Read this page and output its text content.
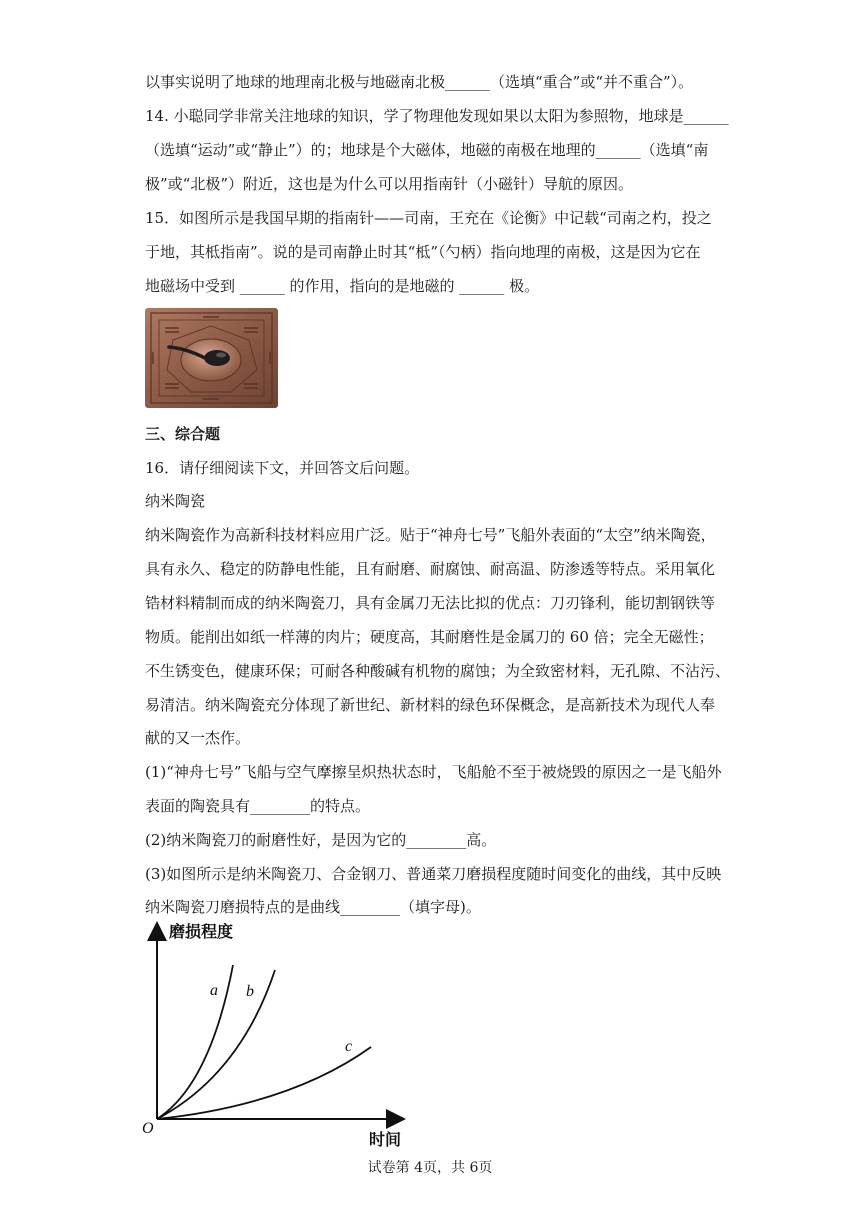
以事实说明了地球的地理南北极与地磁南北极______（选填“重合”或“并不重合”）。
14. 小聪同学非常关注地球的知识，学了物理他发现如果以太阳为参照物，地球是______
（选填“运动”或“静止”）的；地球是个大磁体，地磁的南极在地理的______（选填“南
极”或“北极”）附近，这也是为什么可以用指南针（小磁针）导航的原因。
15．如图所示是我国早期的指南针——司南，王充在《论衡》中记载“司南之杓，投之
于地，其柢指南”。说的是司南静止时其“柢”（勺柄）指向地理的南极，这是因为它在
地磁场中受到 ______ 的作用，指向的是地磁的 ______ 极。
三、综合题
16．请仔细阅读下文，并回答文后问题。
纳米陶瓷
纳米陶瓷作为高新科技材料应用广泛。贴于“神舟七号”飞船外表面的“太空”纳米陶瓷，
具有永久、稳定的防静电性能，且有耐磨、耐腐蚀、耐高温、防渗透等特点。采用氧化
锆材料精制而成的纳米陶瓷刀，具有金属刀无法比拟的优点：刀刃锋利，能切割钢铁等
物质。能削出如纸一样薄的肉片；硬度高，其耐磨性是金属刀的 60 倍；完全无磁性；
不生锈变色，健康环保；可耐各种酸碱有机物的腐蚀；为全致密材料，无孔隙、不沾污、
易清洁。纳米陶瓷充分体现了新世纪、新材料的绿色环保概念，是高新技术为现代人奉
献的又一杰作。
(1)“神舟七号”飞船与空气摩擦呈炽热状态时，飞船舱不至于被烧毁的原因之一是飞船外
表面的陶瓷具有________的特点。
(2)纳米陶瓷刀的耐磨性好，是因为它的________高。
(3)如图所示是纳米陶瓷刀、合金钢刀、普通菜刀磨损程度随时间变化的曲线，其中反映
纳米陶瓷刀磨损特点的是曲线________（填字母)。
磨损程度
时间
O
a b
c
试卷第 4页，共 6页
